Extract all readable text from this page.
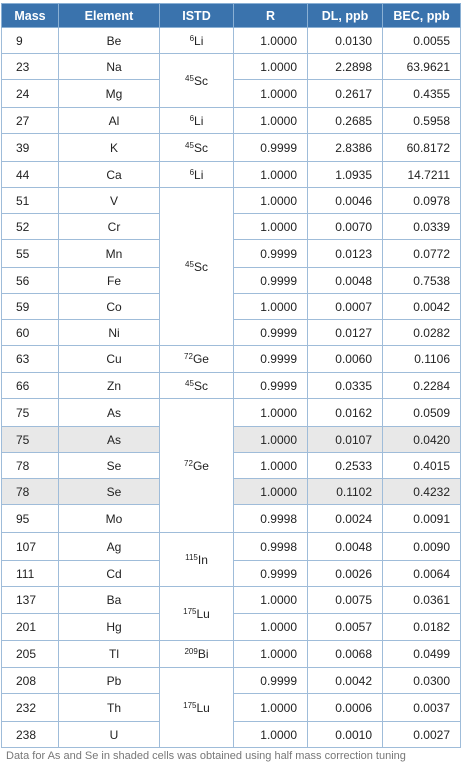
Mass	Element	ISTD	R	DL, ppb	BEC, ppb
9	Be	$^6$Li	1.0000	0.0130	0.0055
23	Na	$^{45}$Sc	1.0000	2.2898	63.9621
24	Mg		1.0000	0.2617	0.4355
27	Al	$^6$Li	1.0000	0.2685	0.5958
39	K	$^{45}$Sc	0.9999	2.8386	60.8172
44	Ca	$^6$Li	1.0000	1.0935	14.7211
51	V	$^{45}$Sc	1.0000	0.0046	0.0978
52	Cr		1.0000	0.0070	0.0339
55	Mn		0.9999	0.0123	0.0772
56	Fe		0.9999	0.0048	0.7538
59	Co		1.0000	0.0007	0.0042
60	Ni		0.9999	0.0127	0.0282
63	Cu	$^{72}$Ge	0.9999	0.0060	0.1106
66	Zn	$^{45}$Sc	0.9999	0.0335	0.2284
75	As	$^{72}$Ge	1.0000	0.0162	0.0509
75	As		1.0000	0.0107	0.0420
78	Se		1.0000	0.2533	0.4015
78	Se		1.0000	0.1102	0.4232
95	Mo		0.9998	0.0024	0.0091
107	Ag	$^{115}$In	0.9998	0.0048	0.0090
111	Cd		0.9999	0.0026	0.0064
137	Ba	$^{175}$Lu	1.0000	0.0075	0.0361
201	Hg		1.0000	0.0057	0.0182
205	Tl	$^{209}$Bi	1.0000	0.0068	0.0499
208	Pb	$^{175}$Lu	0.9999	0.0042	0.0300
232	Th		1.0000	0.0006	0.0037
238	U		1.0000	0.0010	0.0027
Data for As and Se in shaded cells was obtained using half mass correction tuning
